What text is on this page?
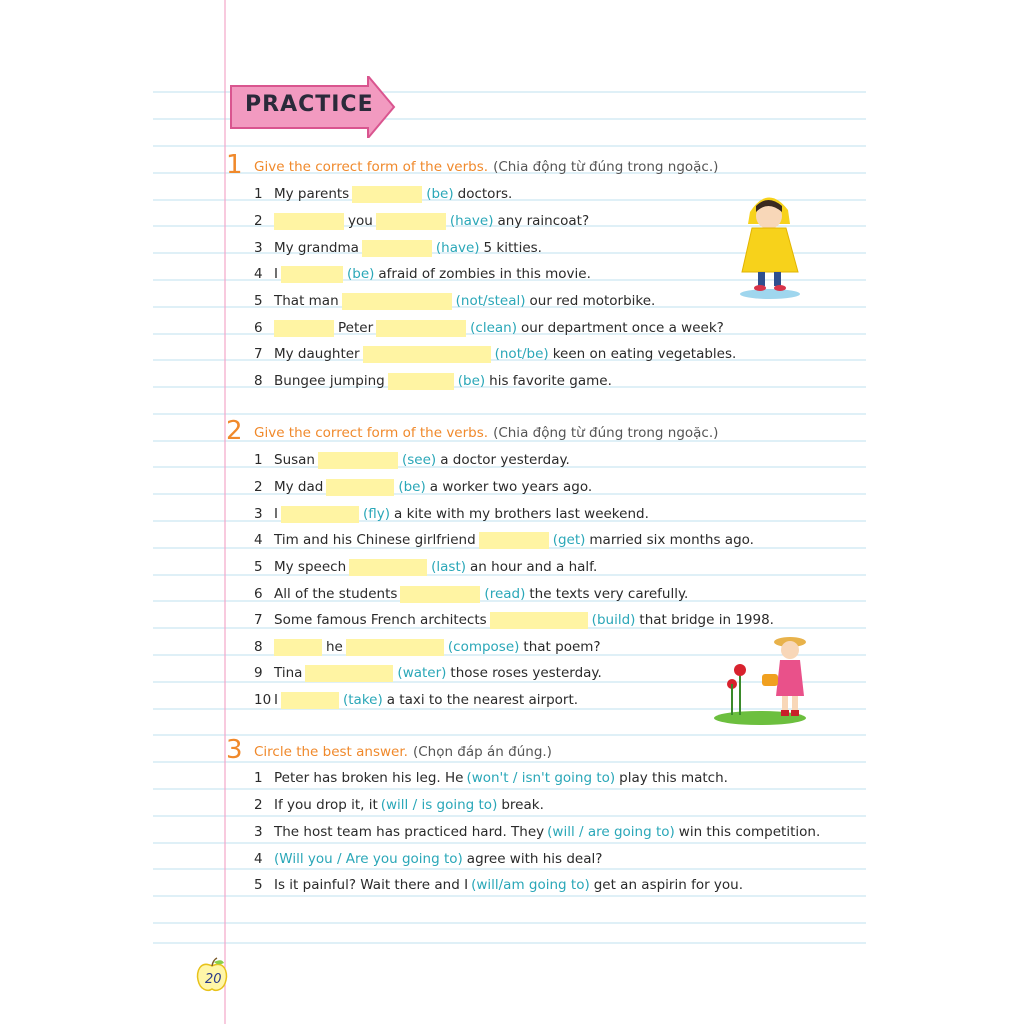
PRACTICE
1 Give the correct form of the verbs. (Chia động từ đúng trong ngoặc.)
1 My parents	(be) doctors.
2	you	(have) any raincoat?
3 My grandma	(have) 5 kitties.
4 I	(be) afraid of zombies in this movie.
5 That man	(not/steal) our red motorbike.
6	Peter	(clean) our department once a week?
7 My daughter	(not/be) keen on eating vegetables.
8 Bungee jumping	(be) his favorite game.
2 Give the correct form of the verbs. (Chia động từ đúng trong ngoặc.)
1 Susan	(see) a doctor yesterday.
2 My dad	(be) a worker two years ago.
3 I	(fly) a kite with my brothers last weekend.
4 Tim and his Chinese girlfriend	(get) married six months ago.
5 My speech	(last) an hour and a half.
6 All of the students	(read) the texts very carefully.
7 Some famous French architects	(build) that bridge in 1998.
8	he	(compose) that poem?
9 Tina	(water) those roses yesterday.
10 I	(take) a taxi to the nearest airport.
3 Circle the best answer. (Chọn đáp án đúng.)
1 Peter has broken his leg. He (won't / isn't going to) play this match.
2 If you drop it, it (will / is going to) break.
3 The host team has practiced hard. They (will / are going to) win this competition.
4 (Will you / Are you going to) agree with his deal?
5 Is it painful? Wait there and I (will/am going to) get an aspirin for you.
20
